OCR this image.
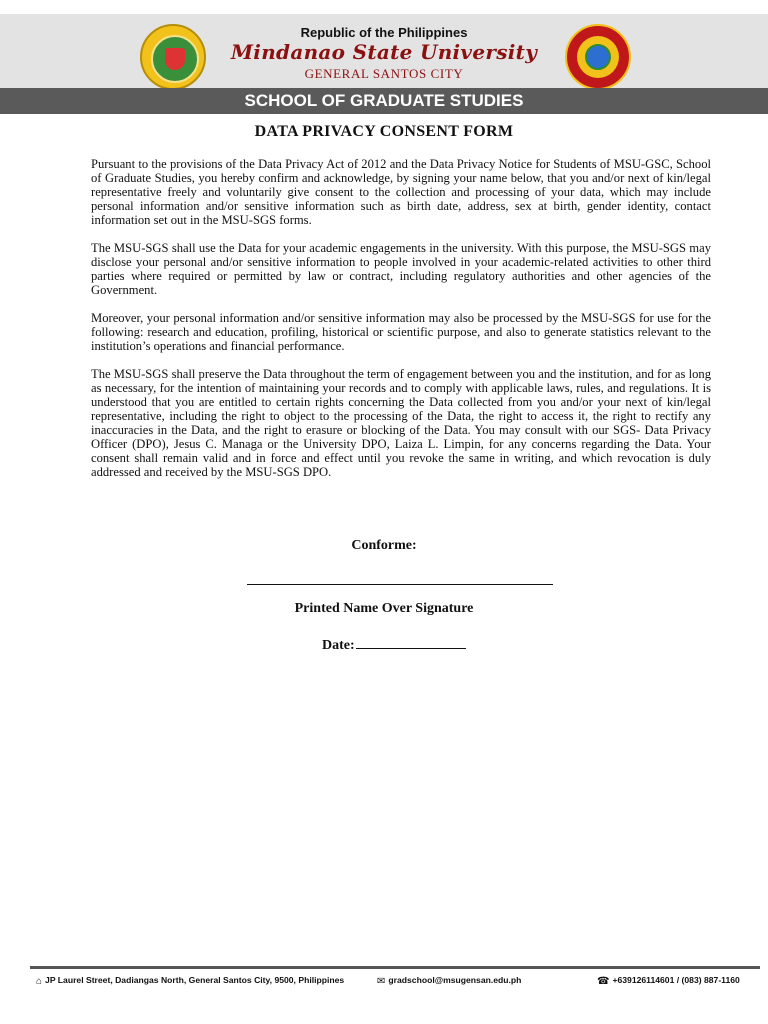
Republic of the Philippines
Mindanao State University
GENERAL SANTOS CITY
SCHOOL OF GRADUATE STUDIES
DATA PRIVACY CONSENT FORM

Pursuant to the provisions of the Data Privacy Act of 2012 and the Data Privacy Notice for Students of MSU-GSC, School of Graduate Studies, you hereby confirm and acknowledge, by signing your name below, that you and/or next of kin/legal representative freely and voluntarily give consent to the collection and processing of your data, which may include personal information and/or sensitive information such as birth date, address, sex at birth, gender identity, contact information set out in the MSU-SGS forms.

The MSU-SGS shall use the Data for your academic engagements in the university. With this purpose, the MSU-SGS may disclose your personal and/or sensitive information to people involved in your academic-related activities to other third parties where required or permitted by law or contract, including regulatory authorities and other agencies of the Government.

Moreover, your personal information and/or sensitive information may also be processed by the MSU-SGS for use for the following: research and education, profiling, historical or scientific purpose, and also to generate statistics relevant to the institution’s operations and financial performance.

The MSU-SGS shall preserve the Data throughout the term of engagement between you and the institution, and for as long as necessary, for the intention of maintaining your records and to comply with applicable laws, rules, and regulations. It is understood that you are entitled to certain rights concerning the Data collected from you and/or your next of kin/legal representative, including the right to object to the processing of the Data, the right to access it, the right to rectify any inaccuracies in the Data, and the right to erasure or blocking of the Data. You may consult with our SGS- Data Privacy Officer (DPO), Jesus C. Managa or the University DPO, Laiza L. Limpin, for any concerns regarding the Data. Your consent shall remain valid and in force and effect until you revoke the same in writing, and which revocation is duly addressed and received by the MSU-SGS DPO.

Conforme:
Printed Name Over Signature
Date:
⌂ JP Laurel Street, Dadiangas North, General Santos City, 9500, Philippines	✉ gradschool@msugensan.edu.ph	☎ +639126114601 / (083) 887-1160
